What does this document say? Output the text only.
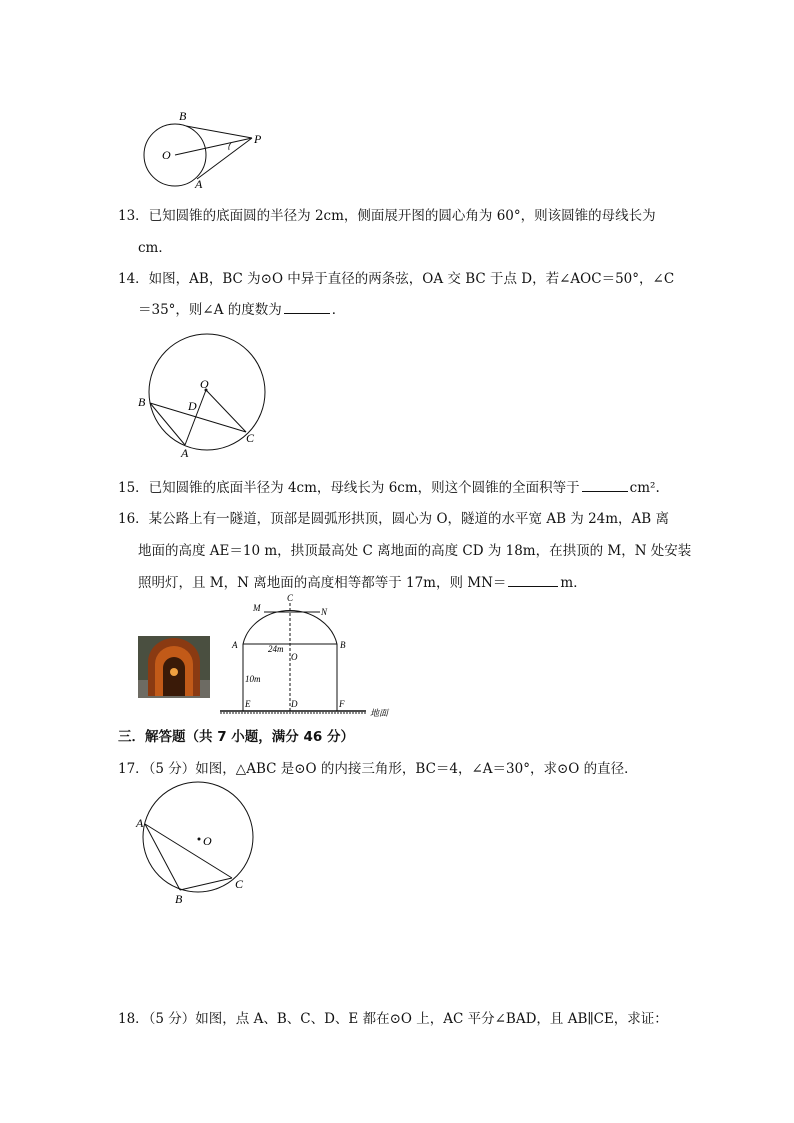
B
O
P
A
13．已知圆锥的底面圆的半径为 2cm，侧面展开图的圆心角为 60°，则该圆锥的母线长为
cm．
14．如图，AB，BC 为⊙O 中异于直径的两条弦，OA 交 BC 于点 D，若∠AOC＝50°，∠C
＝35°，则∠A 的度数为	．
O
B	D
C
A
15．已知圆锥的底面半径为 4cm，母线长为 6cm，则这个圆锥的全面积等于	cm².
16．某公路上有一隧道，顶部是圆弧形拱顶，圆心为 O，隧道的水平宽 AB 为 24m，AB 离
地面的高度 AE＝10 m，拱顶最高处 C 离地面的高度 CD 为 18m，在拱顶的 M，N 处安装
照明灯，且 M，N 离地面的高度相等都等于 17m，则 MN＝	m．
M
C
N
A	B
24m
O
10m
E	D	F
地面
三．解答题（共 7 小题，满分 46 分）
17．（5 分）如图，△ABC 是⊙O 的内接三角形，BC＝4，∠A＝30°，求⊙O 的直径．
A
O
B
C
18．（5 分）如图，点 A、B、C、D、E 都在⊙O 上，AC 平分∠BAD，且 AB∥CE，求证：
